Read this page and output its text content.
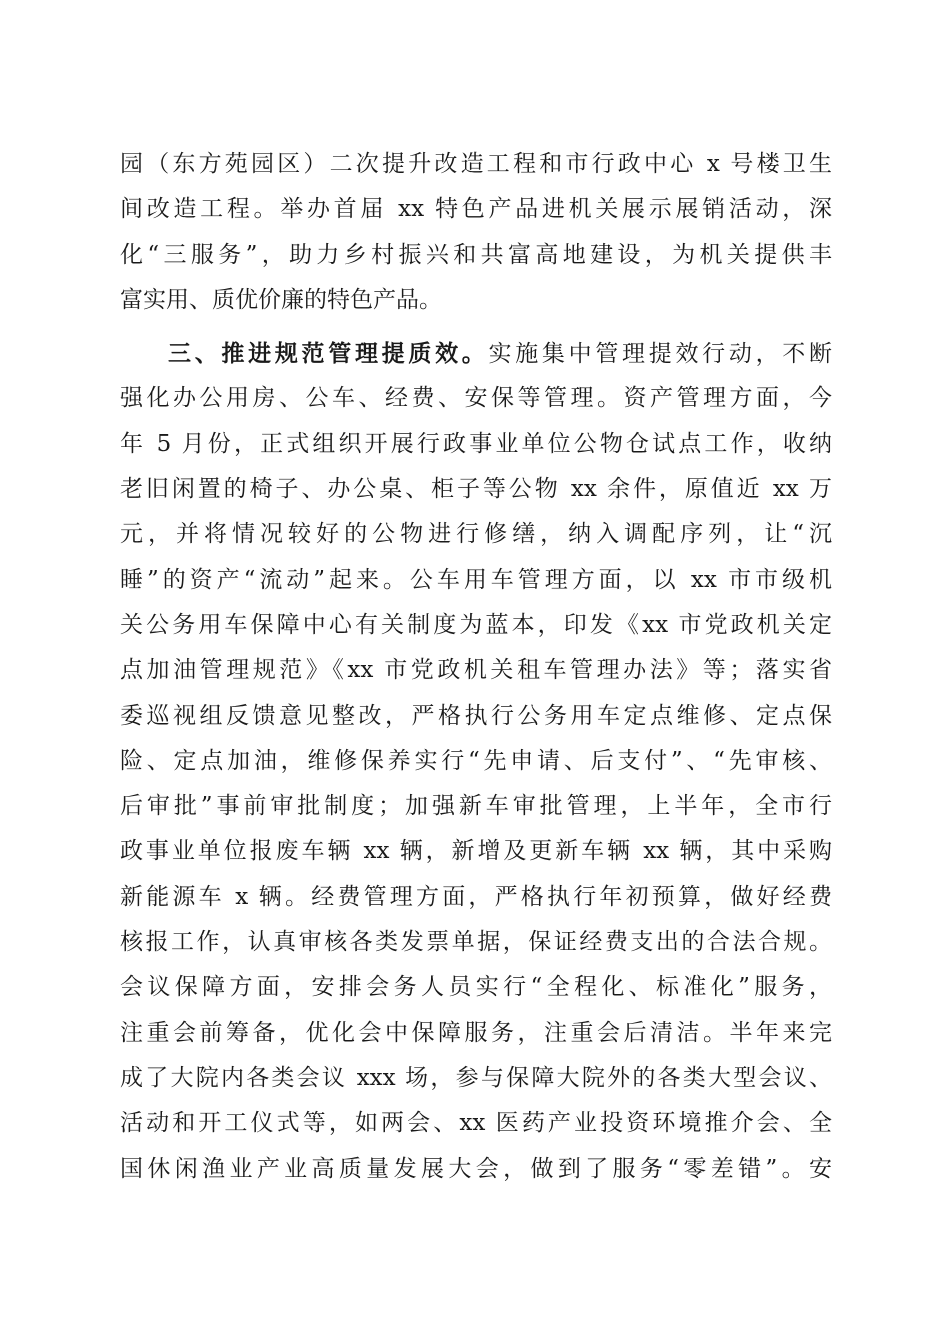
园（东方苑园区）二次提升改造工程和市行政中心 x 号楼卫生
间改造工程。举办首届 xx 特色产品进机关展示展销活动，深
化“三服务”，助力乡村振兴和共富高地建设，为机关提供丰
富实用、质优价廉的特色产品。
三、推进规范管理提质效。实施集中管理提效行动，不断
强化办公用房、公车、经费、安保等管理。资产管理方面，今
年 5 月份，正式组织开展行政事业单位公物仓试点工作，收纳
老旧闲置的椅子、办公桌、柜子等公物 xx 余件，原值近 xx 万
元，并将情况较好的公物进行修缮，纳入调配序列，让“沉
睡”的资产“流动”起来。公车用车管理方面，以 xx 市市级机
关公务用车保障中心有关制度为蓝本，印发《xx 市党政机关定
点加油管理规范》《xx 市党政机关租车管理办法》等；落实省
委巡视组反馈意见整改，严格执行公务用车定点维修、定点保
险、定点加油，维修保养实行“先申请、后支付”、“先审核、
后审批”事前审批制度；加强新车审批管理，上半年，全市行
政事业单位报废车辆 xx 辆，新增及更新车辆 xx 辆，其中采购
新能源车 x 辆。经费管理方面，严格执行年初预算，做好经费
核报工作，认真审核各类发票单据，保证经费支出的合法合规。
会议保障方面，安排会务人员实行“全程化、标准化”服务，
注重会前筹备，优化会中保障服务，注重会后清洁。半年来完
成了大院内各类会议 xxx 场，参与保障大院外的各类大型会议、
活动和开工仪式等，如两会、xx 医药产业投资环境推介会、全
国休闲渔业产业高质量发展大会，做到了服务“零差错”。安
